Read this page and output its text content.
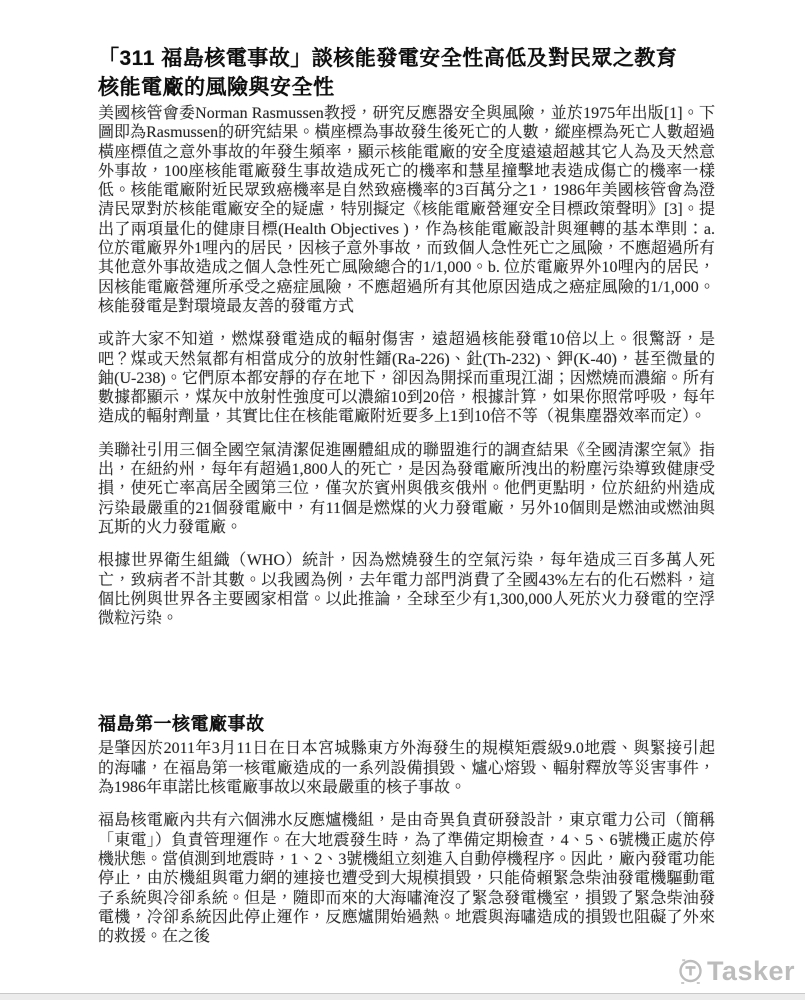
「311 福島核電事故」談核能發電安全性高低及對民眾之教育
核能電廠的風險與安全性

美國核管會委Norman Rasmussen教授，研究反應器安全與風險，並於1975年出版[1]。下圖即為Rasmussen的研究結果。橫座標為事故發生後死亡的人數，縱座標為死亡人數超過橫座標值之意外事故的年發生頻率，顯示核能電廠的安全度遠遠超越其它人為及天然意外事故，100座核能電廠發生事故造成死亡的機率和慧星撞擊地表造成傷亡的機率一樣低。核能電廠附近民眾致癌機率是自然致癌機率的3百萬分之1，1986年美國核管會為澄清民眾對於核能電廠安全的疑慮，特別擬定《核能電廠營運安全目標政策聲明》[3]。提出了兩項量化的健康目標(Health Objectives )，作為核能電廠設計與運轉的基本準則：a. 位於電廠界外1哩內的居民，因核子意外事故，而致個人急性死亡之風險，不應超過所有其他意外事故造成之個人急性死亡風險總合的1/1,000。b. 位於電廠界外10哩內的居民，因核能電廠營運所承受之癌症風險，不應超過所有其他原因造成之癌症風險的1/1,000。核能發電是對環境最友善的發電方式

或許大家不知道，燃煤發電造成的輻射傷害，遠超過核能發電10倍以上。很驚訝，是吧？煤或天然氣都有相當成分的放射性鐳(Ra-226)、釷(Th-232)、鉀(K-40)，甚至微量的鈾(U-238)。它們原本都安靜的存在地下，卻因為開採而重現江湖；因燃燒而濃縮。所有數據都顯示，煤灰中放射性強度可以濃縮10到20倍，根據計算，如果你照常呼吸，每年造成的輻射劑量，其實比住在核能電廠附近要多上1到10倍不等（視集塵器效率而定）。

美聯社引用三個全國空氣清潔促進團體組成的聯盟進行的調查結果《全國清潔空氣》指出，在紐約州，每年有超過1,800人的死亡，是因為發電廠所洩出的粉塵污染導致健康受損，使死亡率高居全國第三位，僅次於賓州與俄亥俄州。他們更點明，位於紐約州造成污染最嚴重的21個發電廠中，有11個是燃煤的火力發電廠，另外10個則是燃油或燃油與瓦斯的火力發電廠。

根據世界衛生組織（WHO）統計，因為燃燒發生的空氣污染，每年造成三百多萬人死亡，致病者不計其數。以我國為例，去年電力部門消費了全國43%左右的化石燃料，這個比例與世界各主要國家相當。以此推論，全球至少有1,300,000人死於火力發電的空浮微粒污染。

福島第一核電廠事故

是肇因於2011年3月11日在日本宮城縣東方外海發生的規模矩震級9.0地震、與緊接引起的海嘯，在福島第一核電廠造成的一系列設備損毀、爐心熔毀、輻射釋放等災害事件，為1986年車諾比核電廠事故以來最嚴重的核子事故。

福島核電廠內共有六個沸水反應爐機組，是由奇異負責研發設計，東京電力公司（簡稱「東電」）負責管理運作。在大地震發生時，為了準備定期檢查，4、5、6號機正處於停機狀態。當偵測到地震時，1、2、3號機組立刻進入自動停機程序。因此，廠內發電功能停止，由於機組與電力網的連接也遭受到大規模損毀，只能倚賴緊急柴油發電機驅動電子系統與冷卻系統。但是，隨即而來的大海嘯淹沒了緊急發電機室，損毀了緊急柴油發電機，冷卻系統因此停止運作，反應爐開始過熱。地震與海嘯造成的損毀也阻礙了外來的救援。在之後

Tasker
